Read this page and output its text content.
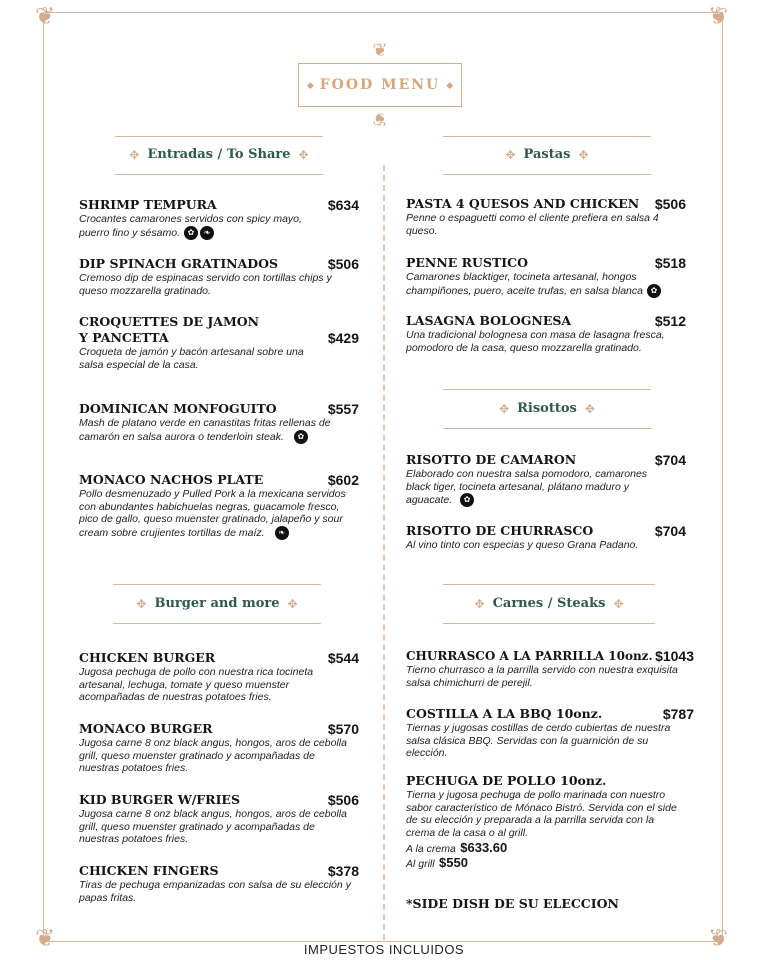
❦	❦
❦	❦
❦
◆ FOOD MENU ◆
❦
✥ Entradas / To Share ✥
SHRIMP TEMPURA	$634
Crocantes camarones servidos con spicy mayo, puerro fino y sésamo. ✿ ❧
DIP SPINACH GRATINADOS	$506
Cremoso dip de espinacas servido con tortillas chips y queso mozzarella gratinado.
CROQUETTES DE JAMON
Y PANCETTA	$429
Croqueta de jamón y bacón artesanal sobre una salsa especial de la casa.
DOMINICAN MONFOGUITO	$557
Mash de platano verde en canastitas fritas rellenas de camarón en salsa aurora o tenderloin steak. ✿
MONACO NACHOS PLATE	$602
Pollo desmenuzado y Pulled Pork a la mexicana servidos con abundantes habichuelas negras, guacamole fresco, pico de gallo, queso muenster gratinado, jalapeño y sour cream sobre crujientes tortillas de maíz. ❧
✥ Burger and more ✥
CHICKEN BURGER	$544
Jugosa pechuga de pollo con nuestra rica tocineta artesanal, lechuga, tomate y queso muenster acompañadas de nuestras potatoes fries.
MONACO BURGER	$570
Jugosa carne 8 onz black angus, hongos, aros de cebolla grill, queso muenster gratinado y acompañadas de nuestras potatoes fries.
KID BURGER W/FRIES	$506
Jugosa carne 8 onz black angus, hongos, aros de cebolla grill, queso muenster gratinado y acompañadas de nuestras potatoes fries.
CHICKEN FINGERS	$378
Tiras de pechuga empanizadas con salsa de su elección y papas fritas.
✥ Pastas ✥
PASTA 4 QUESOS AND CHICKEN	$506
Penne o espaguetti como el cliente prefiera en salsa 4 queso.
PENNE RUSTICO	$518
Camarones blacktiger, tocineta artesanal, hongos champiñones, puero, aceite trufas, en salsa blanca ✿
LASAGNA BOLOGNESA	$512
Una tradicional bolognesa con masa de lasagna fresca, pomodoro de la casa, queso mozzarella gratinado.
✥ Risottos ✥
RISOTTO DE CAMARON	$704
Elaborado con nuestra salsa pomodoro, camarones black tiger, tocineta artesanal, plátano maduro y aguacate. ✿
RISOTTO DE CHURRASCO	$704
Al vino tinto con especias y queso Grana Padano.
✥ Carnes / Steaks ✥
CHURRASCO A LA PARRILLA 10onz. $1043
Tierno churrasco a la parrilla servido con nuestra exquisita salsa chimichurri de perejil.
COSTILLA A LA BBQ 10onz.	$787
Tiernas y jugosas costillas de cerdo cubiertas de nuestra salsa clásica BBQ. Servidas con la guarnición de su elección.
PECHUGA DE POLLO 10onz.
Tierna y jugosa pechuga de pollo marinada con nuestro sabor característico de Mónaco Bistró. Servida con el side de su elección y preparada a la parrilla servida con la crema de la casa o al grill.
A la crema $633.60
Al grill $550
*SIDE DISH DE SU ELECCION
IMPUESTOS INCLUIDOS
